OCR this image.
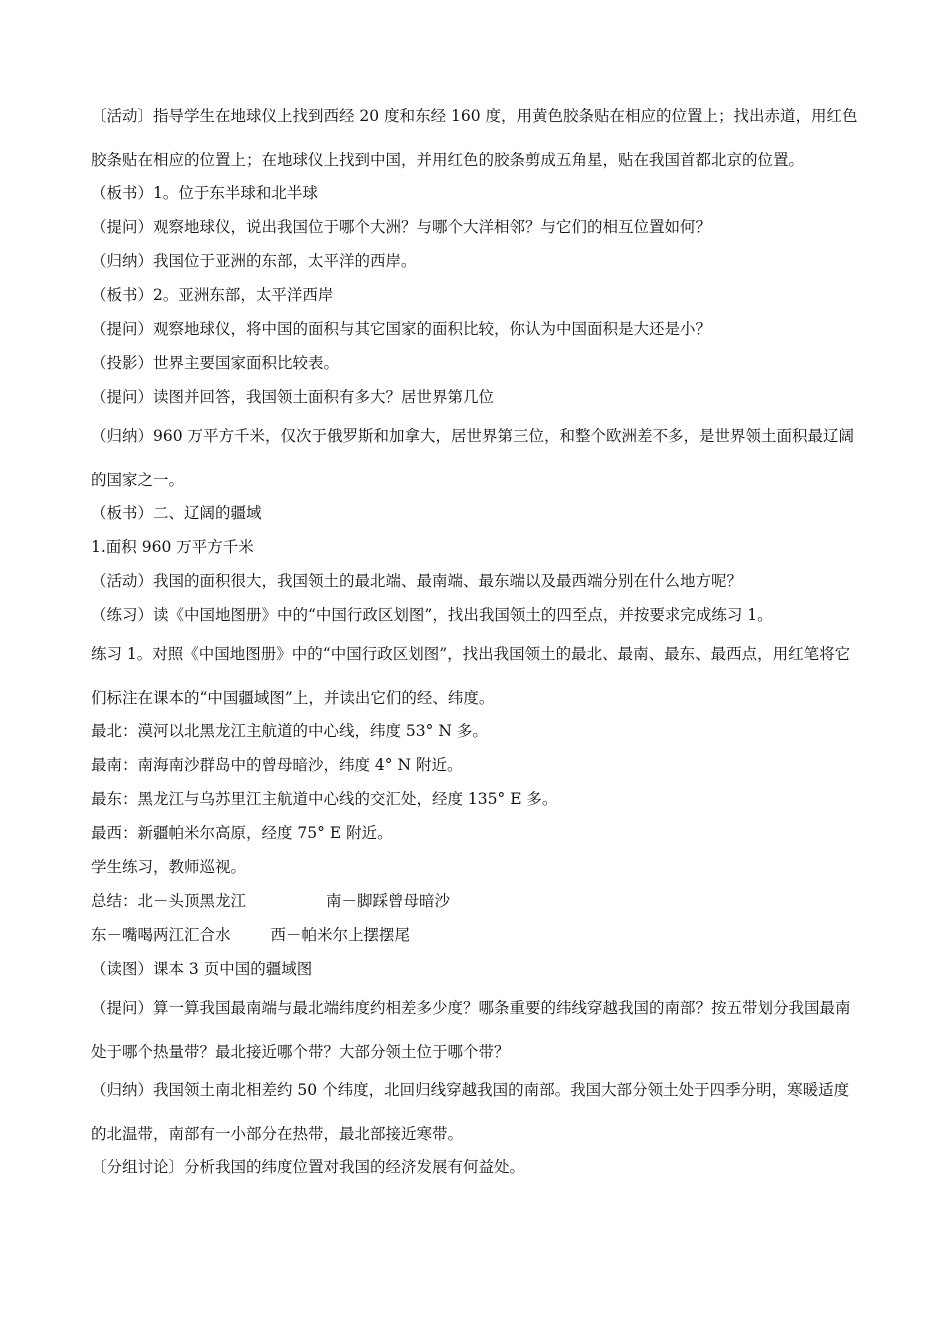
〔活动〕指导学生在地球仪上找到西经 20 度和东经 160 度，用黄色胶条贴在相应的位置上；找出赤道，用红色胶条贴在相应的位置上；在地球仪上找到中国，并用红色的胶条剪成五角星，贴在我国首都北京的位置。

（板书）1。位于东半球和北半球

（提问）观察地球仪，说出我国位于哪个大洲？与哪个大洋相邻？与它们的相互位置如何？

（归纳）我国位于亚洲的东部，太平洋的西岸。

（板书）2。亚洲东部，太平洋西岸

（提问）观察地球仪，将中国的面积与其它国家的面积比较，你认为中国面积是大还是小？

（投影）世界主要国家面积比较表。

（提问）读图并回答，我国领土面积有多大？居世界第几位

（归纳）960 万平方千米，仅次于俄罗斯和加拿大，居世界第三位，和整个欧洲差不多，是世界领土面积最辽阔的国家之一。

（板书）二、辽阔的疆域

1.面积 960 万平方千米

（活动）我国的面积很大，我国领土的最北端、最南端、最东端以及最西端分别在什么地方呢？

（练习）读《中国地图册》中的“中国行政区划图”，找出我国领土的四至点，并按要求完成练习 1。

练习 1。对照《中国地图册》中的“中国行政区划图”，找出我国领土的最北、最南、最东、最西点，用红笔将它们标注在课本的“中国疆域图”上，并读出它们的经、纬度。

最北：漠河以北黑龙江主航道的中心线，纬度 53° N 多。

最南：南海南沙群岛中的曾母暗沙，纬度 4° N 附近。

最东：黑龙江与乌苏里江主航道中心线的交汇处，经度 135° E 多。

最西：新疆帕米尔高原，经度 75° E 附近。

学生练习，教师巡视。

总结：北－头顶黑龙江	南－脚踩曾母暗沙

东－嘴喝两江汇合水	西－帕米尔上摆摆尾

（读图）课本 3 页中国的疆域图

（提问）算一算我国最南端与最北端纬度约相差多少度？哪条重要的纬线穿越我国的南部？按五带划分我国最南处于哪个热量带？最北接近哪个带？大部分领土位于哪个带？

（归纳）我国领土南北相差约 50 个纬度，北回归线穿越我国的南部。我国大部分领土处于四季分明，寒暖适度的北温带，南部有一小部分在热带，最北部接近寒带。

〔分组讨论〕分析我国的纬度位置对我国的经济发展有何益处。
